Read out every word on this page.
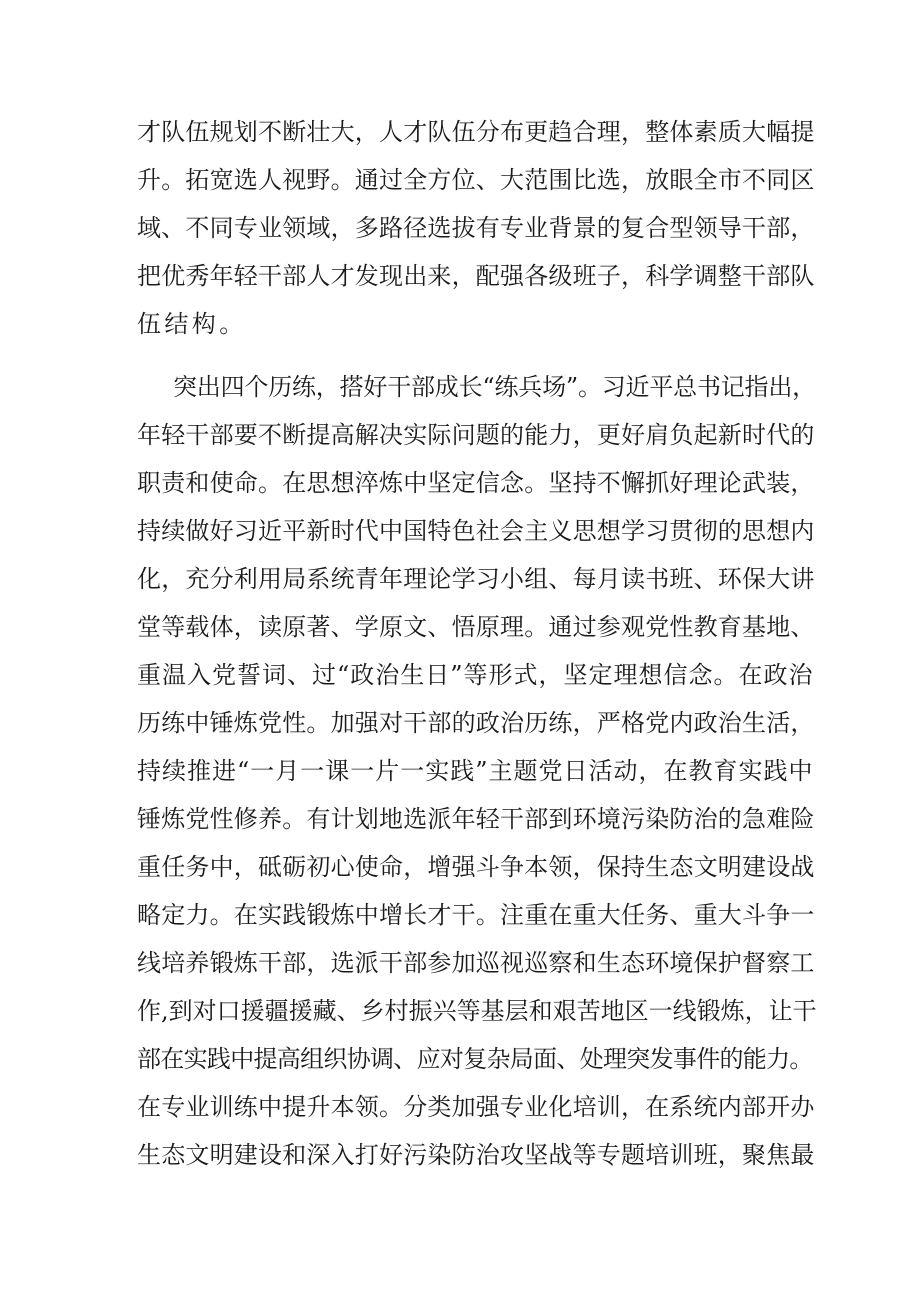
才队伍规划不断壮大，人才队伍分布更趋合理，整体素质大幅提
升。拓宽选人视野。通过全方位、大范围比选，放眼全市不同区
域、不同专业领域，多路径选拔有专业背景的复合型领导干部，
把优秀年轻干部人才发现出来，配强各级班子，科学调整干部队
伍结构。
突出四个历练，搭好干部成长“练兵场”。习近平总书记指出，
年轻干部要不断提高解决实际问题的能力，更好肩负起新时代的
职责和使命。在思想淬炼中坚定信念。坚持不懈抓好理论武装，
持续做好习近平新时代中国特色社会主义思想学习贯彻的思想内
化，充分利用局系统青年理论学习小组、每月读书班、环保大讲
堂等载体，读原著、学原文、悟原理。通过参观党性教育基地、
重温入党誓词、过“政治生日”等形式，坚定理想信念。在政治
历练中锤炼党性。加强对干部的政治历练，严格党内政治生活，
持续推进“一月一课一片一实践”主题党日活动，在教育实践中
锤炼党性修养。有计划地选派年轻干部到环境污染防治的急难险
重任务中，砥砺初心使命，增强斗争本领，保持生态文明建设战
略定力。在实践锻炼中增长才干。注重在重大任务、重大斗争一
线培养锻炼干部，选派干部参加巡视巡察和生态环境保护督察工
作,到对口援疆援藏、乡村振兴等基层和艰苦地区一线锻炼，让干
部在实践中提高组织协调、应对复杂局面、处理突发事件的能力。
在专业训练中提升本领。分类加强专业化培训，在系统内部开办
生态文明建设和深入打好污染防治攻坚战等专题培训班，聚焦最
